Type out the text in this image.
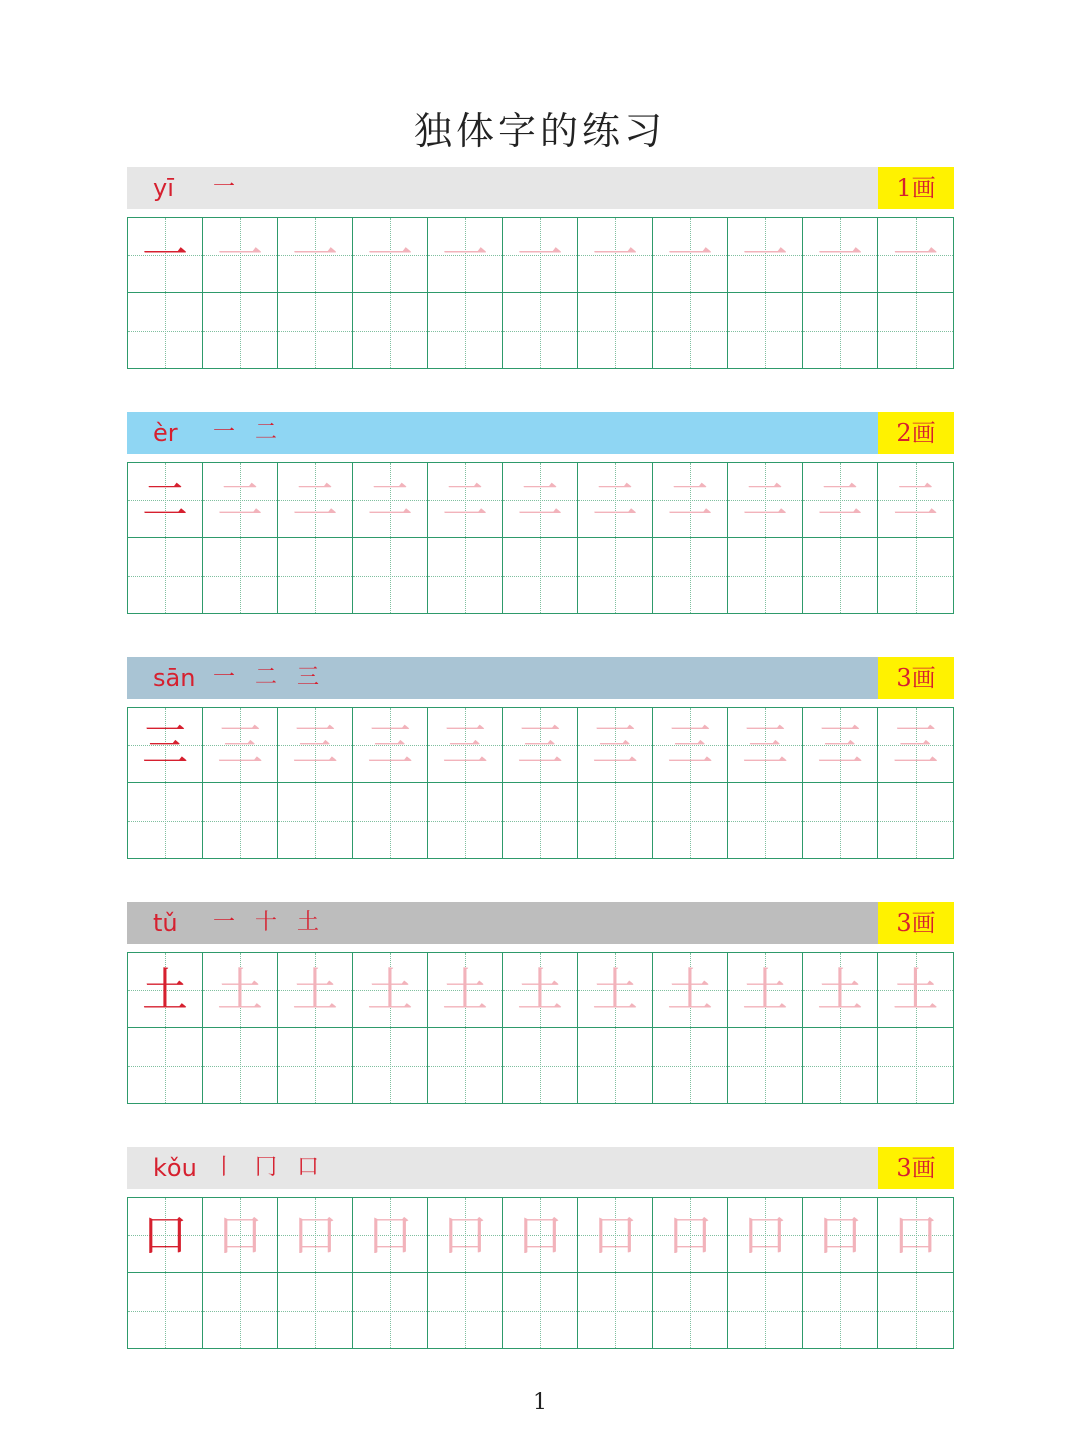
独体字的练习
yī 一	1画
一 一 一 一 一 一 一 一 一 一 一
èr 一 二	2画
二 二 二 二 二 二 二 二 二 二 二
sān 一 二 三	3画
三 三 三 三 三 三 三 三 三 三 三
tǔ 一 十 土	3画
土 土 土 土 土 土 土 土 土 土 土
kǒu 丨 冂 口	3画
口 口 口 口 口 口 口 口 口 口 口
1
